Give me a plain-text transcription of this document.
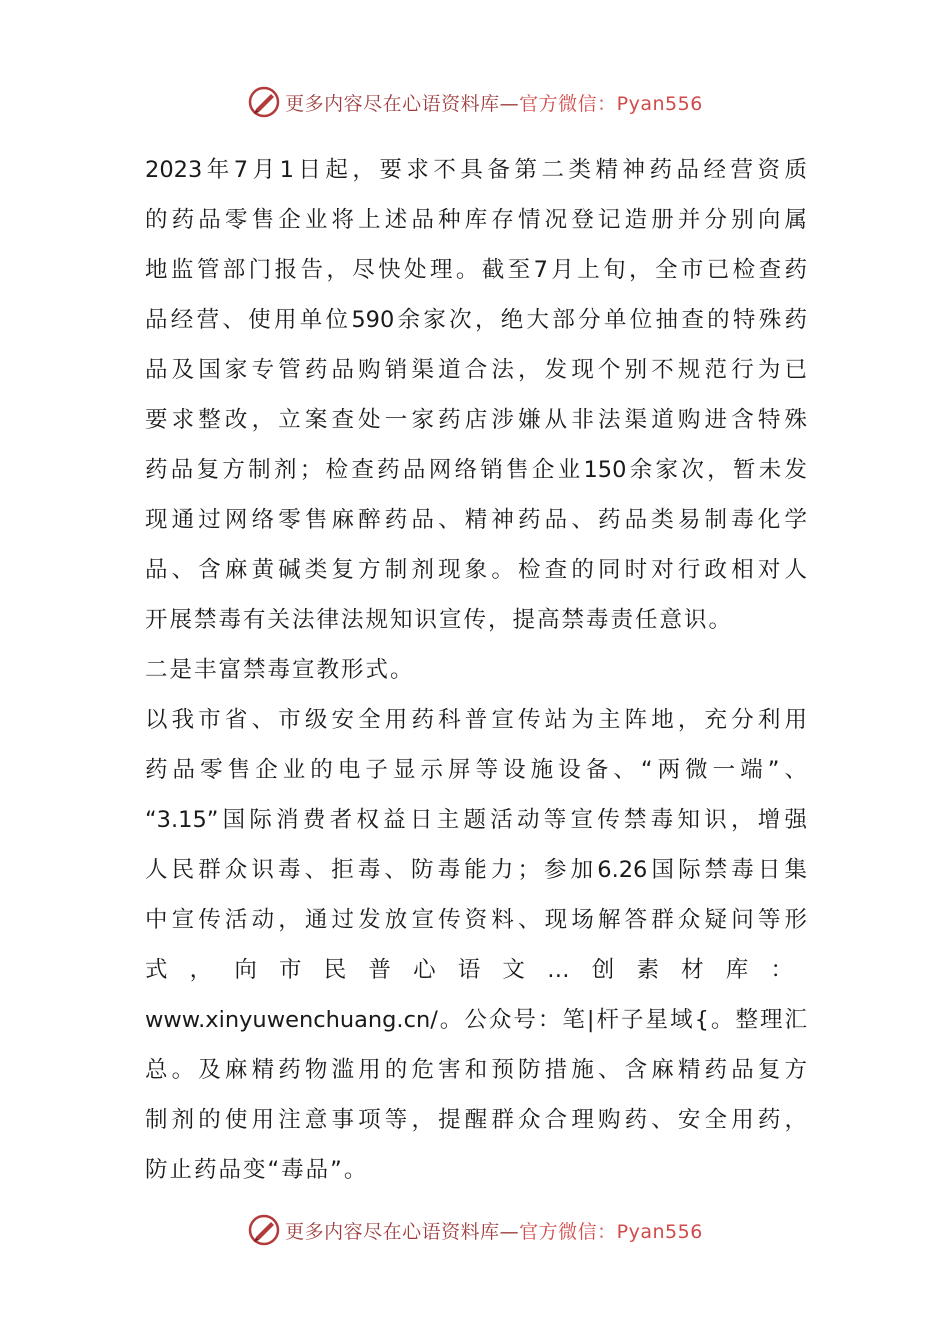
更多内容尽在心语资料库—官方微信：Pyan556
2023年7月1日起，要求不具备第二类精神药品经营资质
的药品零售企业将上述品种库存情况登记造册并分别向属
地监管部门报告，尽快处理。截至7月上旬，全市已检查药
品经营、使用单位590余家次，绝大部分单位抽查的特殊药
品及国家专管药品购销渠道合法，发现个别不规范行为已
要求整改，立案查处一家药店涉嫌从非法渠道购进含特殊
药品复方制剂；检查药品网络销售企业150余家次，暂未发
现通过网络零售麻醉药品、精神药品、药品类易制毒化学
品、含麻黄碱类复方制剂现象。检查的同时对行政相对人
开展禁毒有关法律法规知识宣传，提高禁毒责任意识。
二是丰富禁毒宣教形式。
以我市省、市级安全用药科普宣传站为主阵地，充分利用
药品零售企业的电子显示屏等设施设备、“两微一端”、
“3.15”国际消费者权益日主题活动等宣传禁毒知识，增强
人民群众识毒、拒毒、防毒能力；参加6.26国际禁毒日集
中宣传活动，通过发放宣传资料、现场解答群众疑问等形
式，向市民普心语文…创素材库：
www.xinyuwenchuang.cn/。公众号：笔|杆子星域{。整理汇
总。及麻精药物滥用的危害和预防措施、含麻精药品复方
制剂的使用注意事项等，提醒群众合理购药、安全用药，
防止药品变“毒品”。
更多内容尽在心语资料库—官方微信：Pyan556
